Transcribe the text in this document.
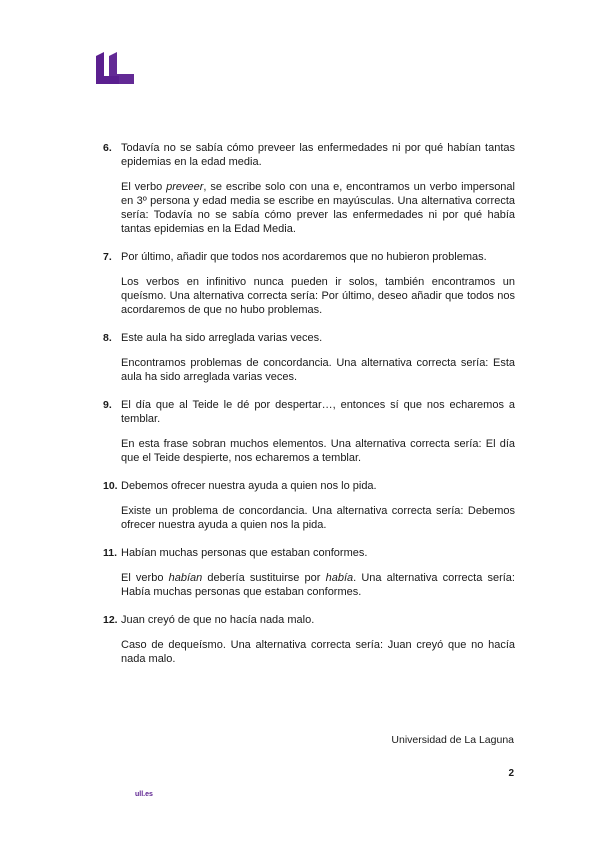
6. Todavía no se sabía cómo preveer las enfermedades ni por qué habían tantas epidemias en la edad media.

El verbo preveer, se escribe solo con una e, encontramos un verbo impersonal en 3º persona y edad media se escribe en mayúsculas. Una alternativa correcta sería: Todavía no se sabía cómo prever las enfermedades ni por qué había tantas epidemias en la Edad Media.

7. Por último, añadir que todos nos acordaremos que no hubieron problemas.

Los verbos en infinitivo nunca pueden ir solos, también encontramos un queísmo. Una alternativa correcta sería: Por último, deseo añadir que todos nos acordaremos de que no hubo problemas.

8. Este aula ha sido arreglada varias veces.

Encontramos problemas de concordancia. Una alternativa correcta sería: Esta aula ha sido arreglada varias veces.

9. El día que al Teide le dé por despertar…, entonces sí que nos echaremos a temblar.

En esta frase sobran muchos elementos. Una alternativa correcta sería: El día que el Teide despierte, nos echaremos a temblar.

10. Debemos ofrecer nuestra ayuda a quien nos lo pida.

Existe un problema de concordancia. Una alternativa correcta sería: Debemos ofrecer nuestra ayuda a quien nos la pida.

11. Habían muchas personas que estaban conformes.

El verbo habían debería sustituirse por había. Una alternativa correcta sería: Había muchas personas que estaban conformes.

12. Juan creyó de que no hacía nada malo.

Caso de dequeísmo. Una alternativa correcta sería: Juan creyó que no hacía nada malo.

Universidad de La Laguna
2
ull.es
